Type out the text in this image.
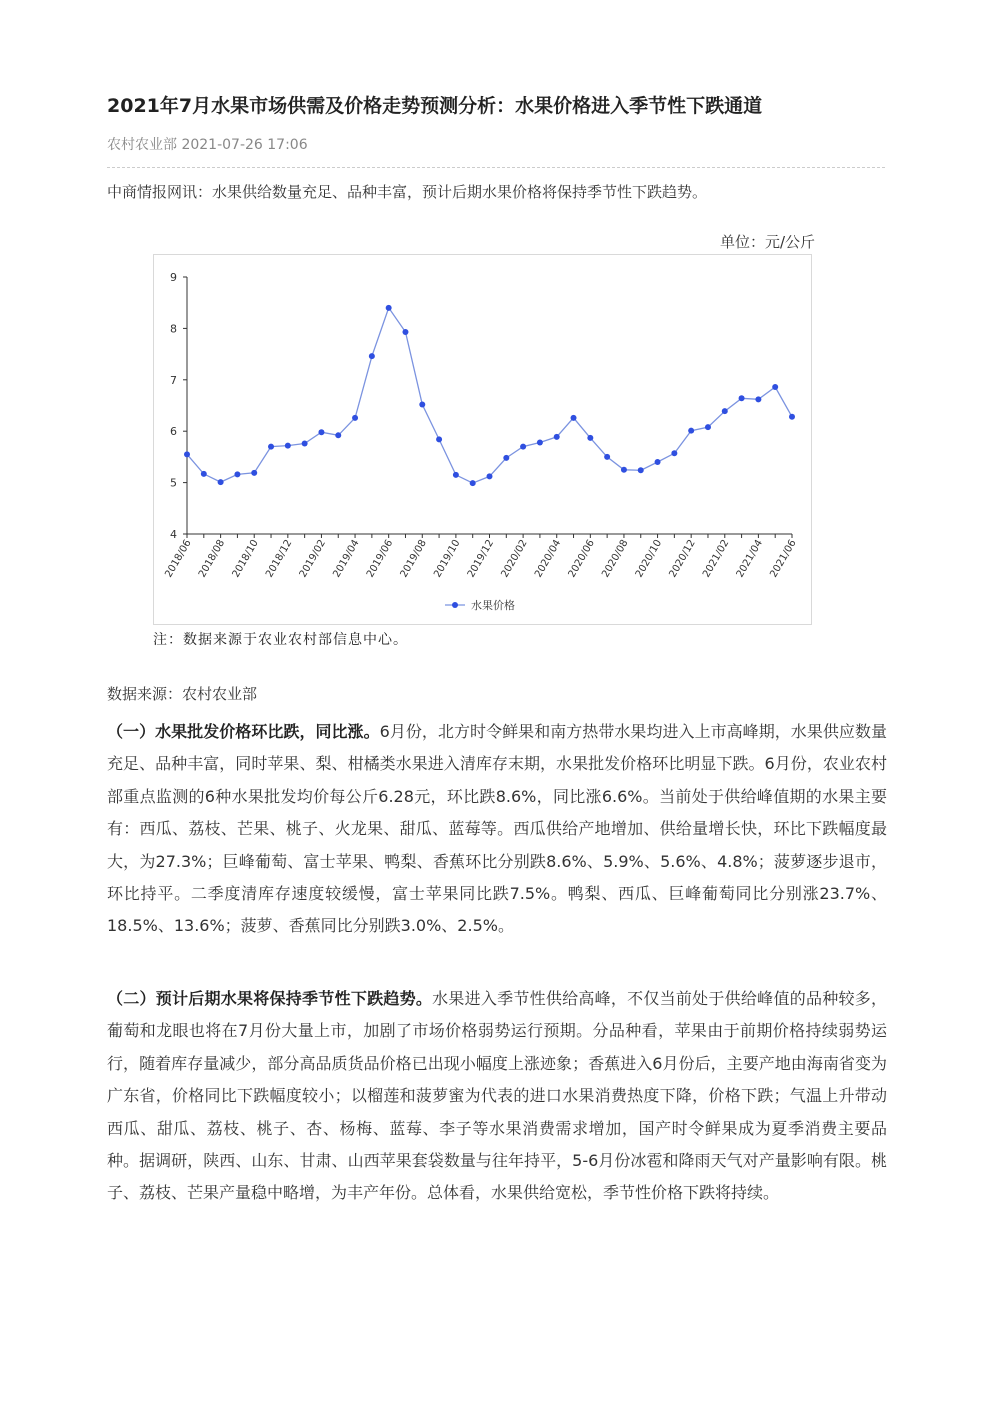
2021年7月水果市场供需及价格走势预测分析：水果价格进入季节性下跌通道
农村农业部 2021-07-26 17:06
中商情报网讯：水果供给数量充足、品种丰富，预计后期水果价格将保持季节性下跌趋势。
单位：元/公斤
4
5
6
7
8
9
2018/06 2018/08 2018/10 2018/12 2019/02 2019/04 2019/06 2019/08 2019/10 2019/12 2020/02 2020/04 2020/06 2020/08 2020/10 2020/12 2021/02 2021/04 2021/06
水果价格
注：数据来源于农业农村部信息中心。
数据来源：农村农业部

（一）水果批发价格环比跌，同比涨。6月份，北方时令鲜果和南方热带水果均进入上市高峰期，水果供应数量充足、品种丰富，同时苹果、梨、柑橘类水果进入清库存末期，水果批发价格环比明显下跌。6月份，农业农村部重点监测的6种水果批发均价每公斤6.28元，环比跌8.6%，同比涨6.6%。当前处于供给峰值期的水果主要有：西瓜、荔枝、芒果、桃子、火龙果、甜瓜、蓝莓等。西瓜供给产地增加、供给量增长快，环比下跌幅度最大，为27.3%；巨峰葡萄、富士苹果、鸭梨、香蕉环比分别跌8.6%、5.9%、5.6%、4.8%；菠萝逐步退市，环比持平。二季度清库存速度较缓慢，富士苹果同比跌7.5%。鸭梨、西瓜、巨峰葡萄同比分别涨23.7%、18.5%、13.6%；菠萝、香蕉同比分别跌3.0%、2.5%。

（二）预计后期水果将保持季节性下跌趋势。水果进入季节性供给高峰，不仅当前处于供给峰值的品种较多，葡萄和龙眼也将在7月份大量上市，加剧了市场价格弱势运行预期。分品种看，苹果由于前期价格持续弱势运行，随着库存量减少，部分高品质货品价格已出现小幅度上涨迹象；香蕉进入6月份后，主要产地由海南省变为广东省，价格同比下跌幅度较小；以榴莲和菠萝蜜为代表的进口水果消费热度下降，价格下跌；气温上升带动西瓜、甜瓜、荔枝、桃子、杏、杨梅、蓝莓、李子等水果消费需求增加，国产时令鲜果成为夏季消费主要品种。据调研，陕西、山东、甘肃、山西苹果套袋数量与往年持平，5-6月份冰雹和降雨天气对产量影响有限。桃子、荔枝、芒果产量稳中略增，为丰产年份。总体看，水果供给宽松，季节性价格下跌将持续。
